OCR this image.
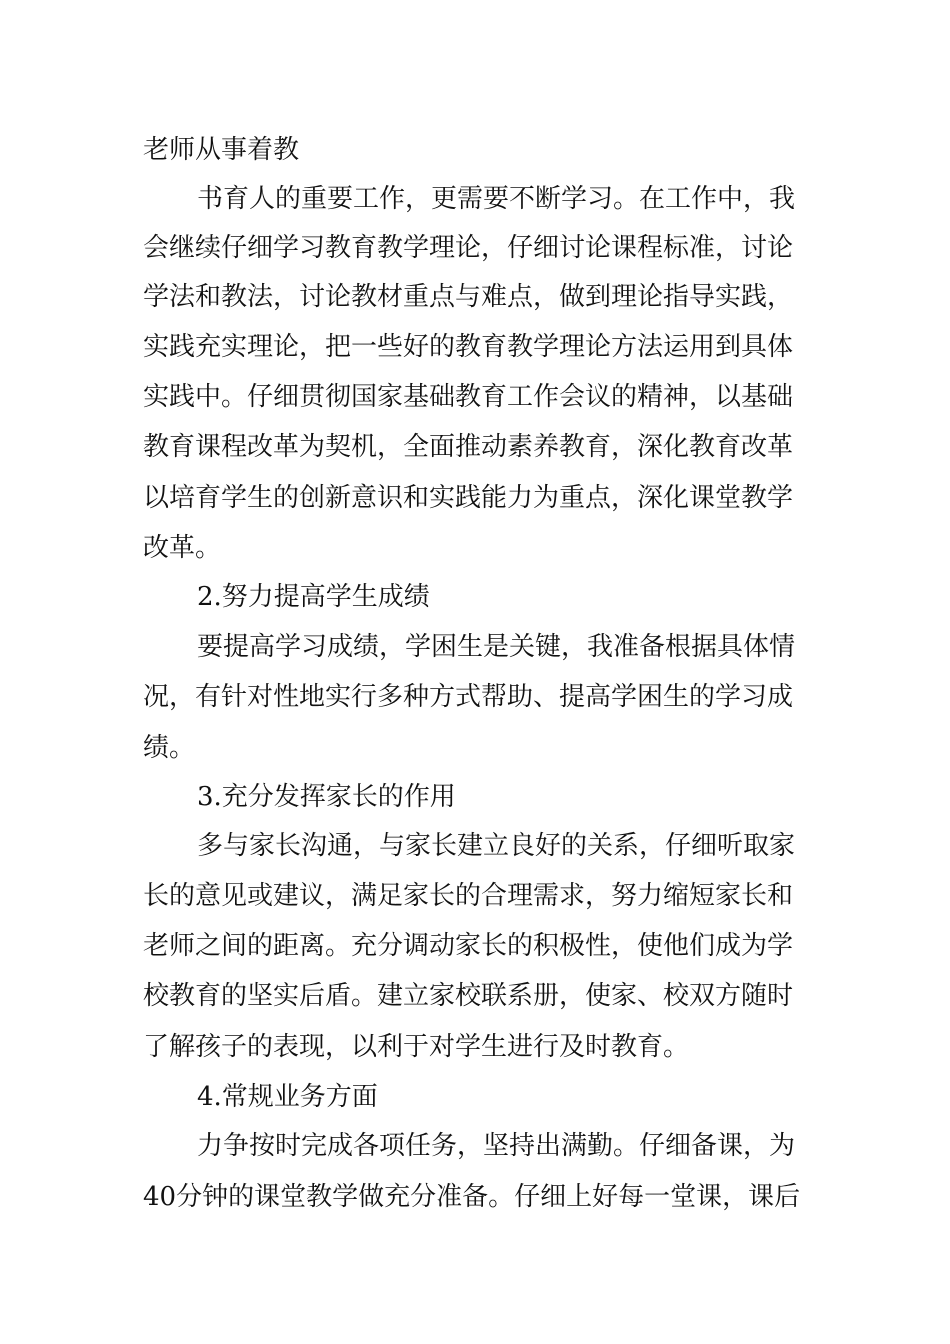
老师从事着教
书育人的重要工作，更需要不断学习。在工作中，我
会继续仔细学习教育教学理论，仔细讨论课程标准，讨论
学法和教法，讨论教材重点与难点，做到理论指导实践，
实践充实理论，把一些好的教育教学理论方法运用到具体
实践中。仔细贯彻国家基础教育工作会议的精神，以基础
教育课程改革为契机，全面推动素养教育，深化教育改革
以培育学生的创新意识和实践能力为重点，深化课堂教学
改革。
2.努力提高学生成绩
要提高学习成绩，学困生是关键，我准备根据具体情
况，有针对性地实行多种方式帮助、提高学困生的学习成
绩。
3.充分发挥家长的作用
多与家长沟通，与家长建立良好的关系，仔细听取家
长的意见或建议，满足家长的合理需求，努力缩短家长和
老师之间的距离。充分调动家长的积极性，使他们成为学
校教育的坚实后盾。建立家校联系册，使家、校双方随时
了解孩子的表现，以利于对学生进行及时教育。
4.常规业务方面
力争按时完成各项任务，坚持出满勤。仔细备课，为
40分钟的课堂教学做充分准备。仔细上好每一堂课，课后
